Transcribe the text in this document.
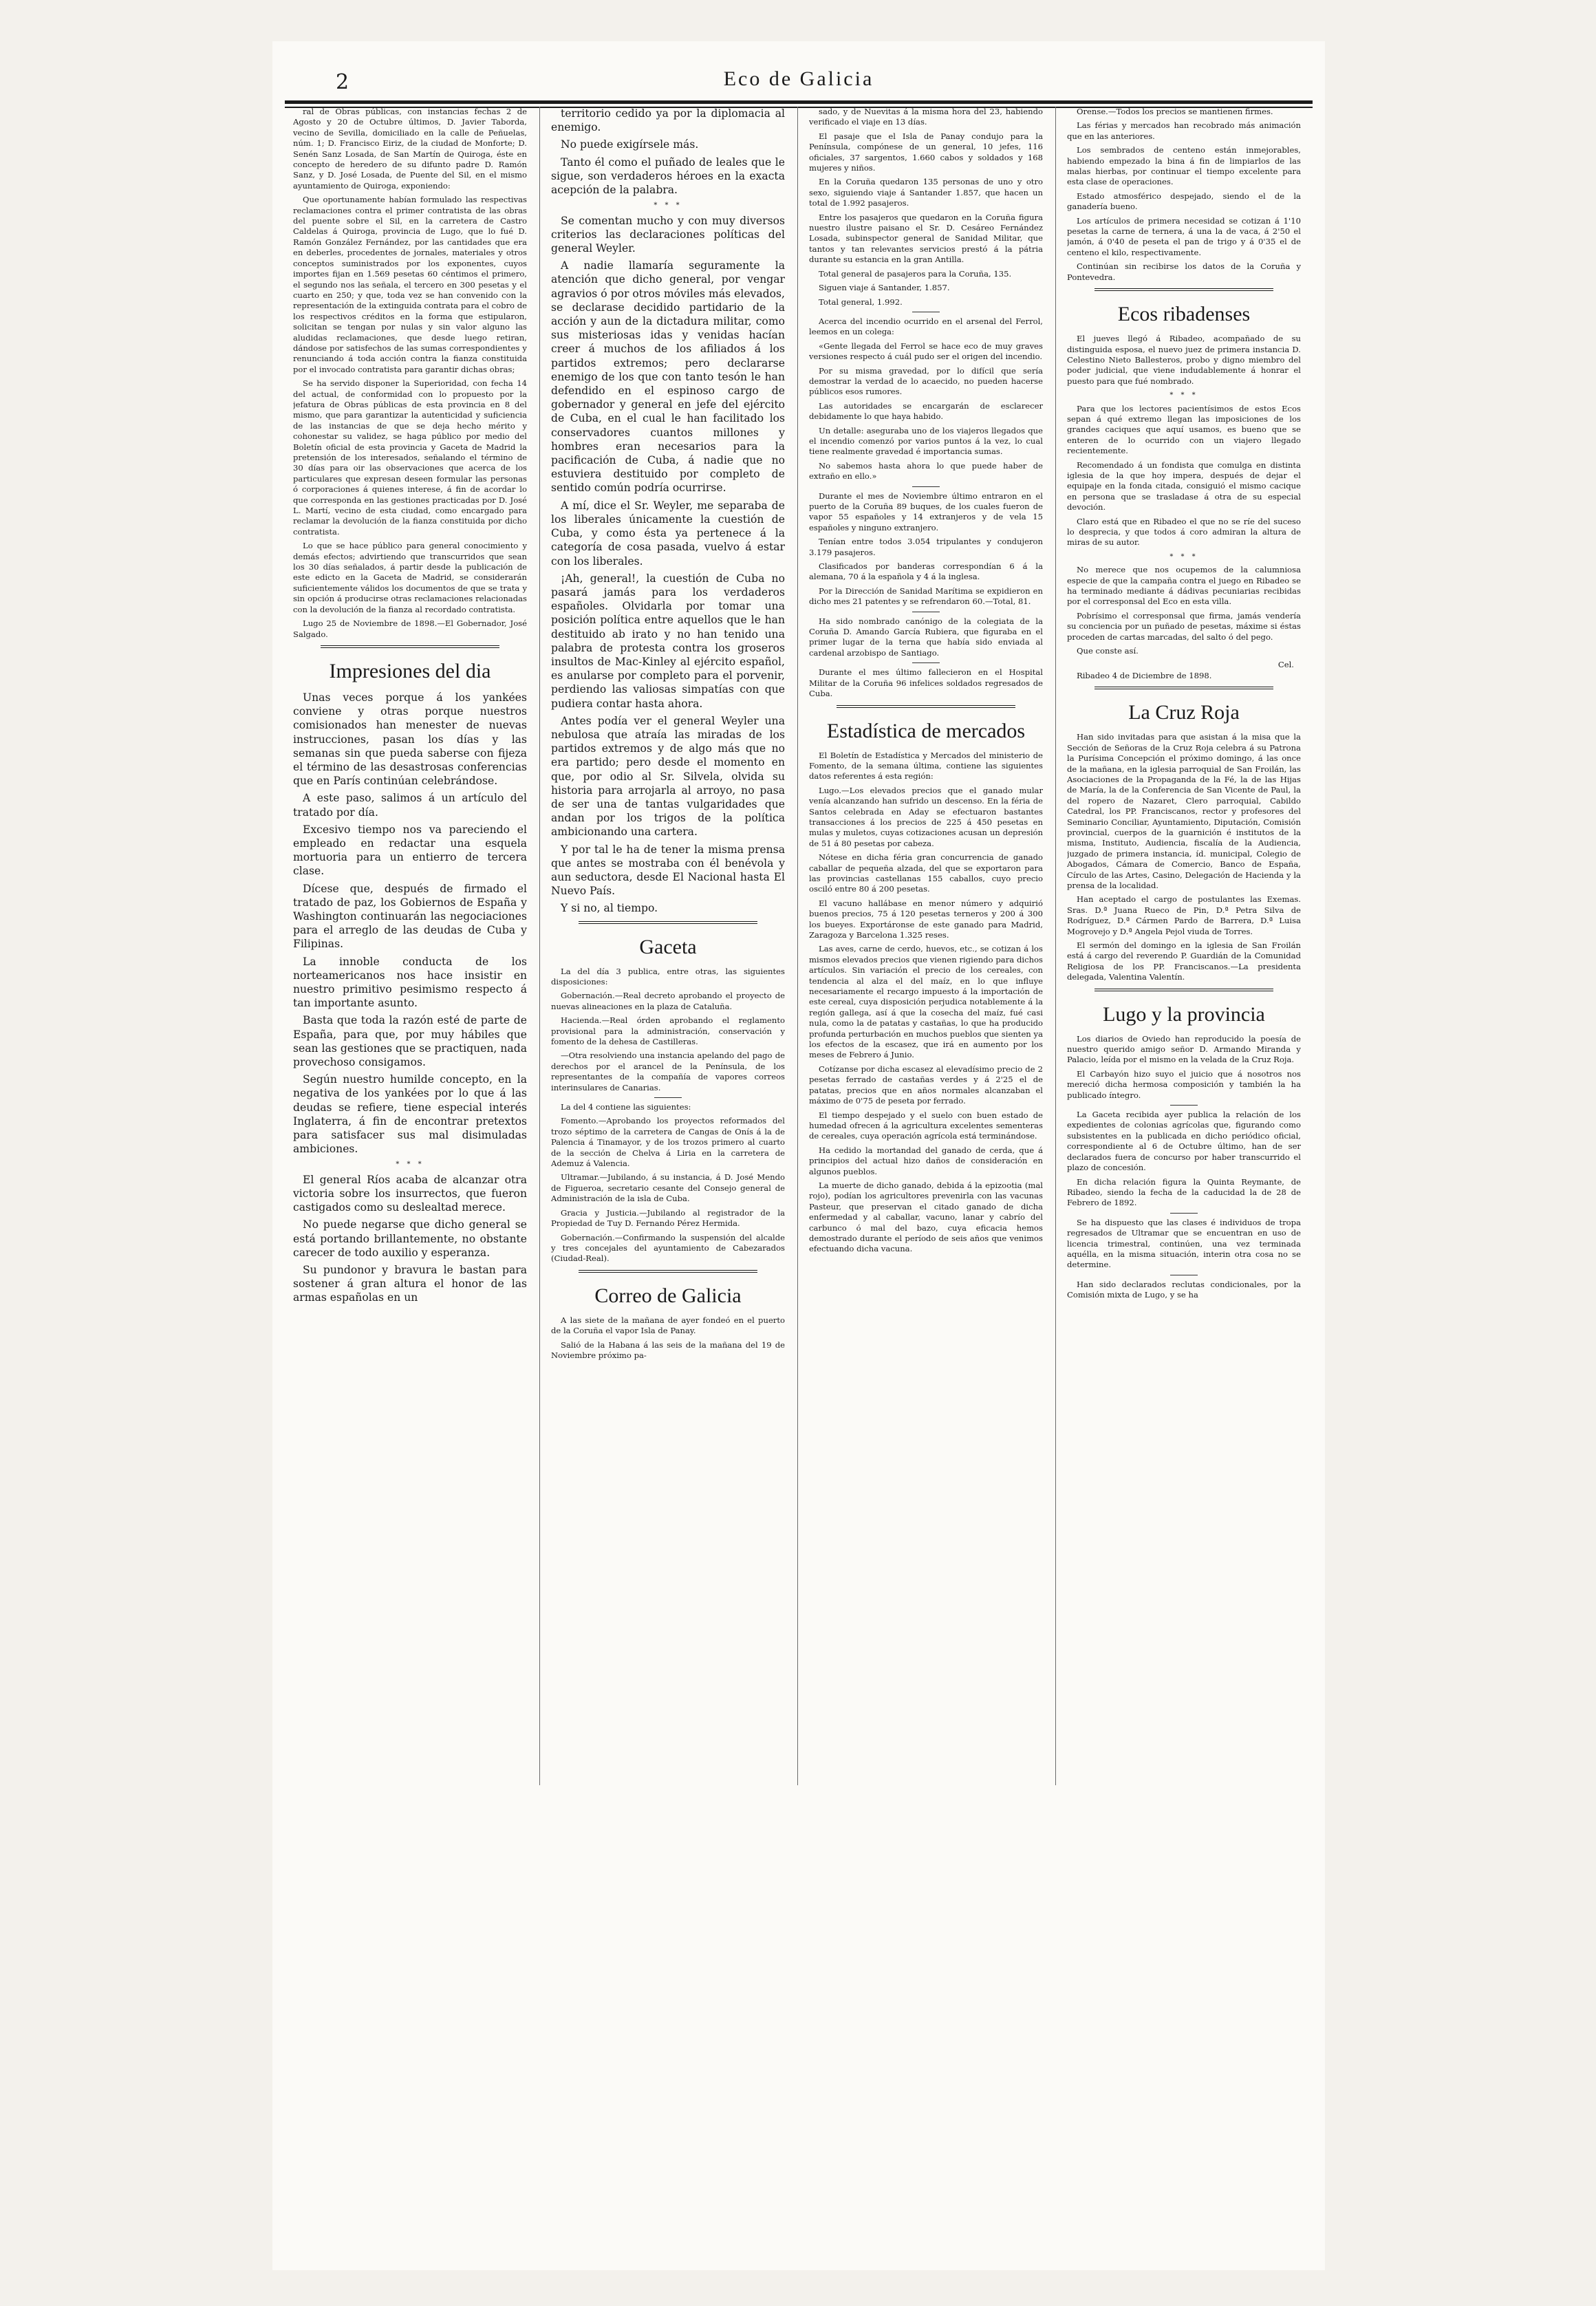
2	Eco de Galicia

ral de Obras públicas, con instancias fechas 2 de Agosto y 20 de Octubre últimos, D. Javier Taborda, vecino de Sevilla, domiciliado en la calle de Peñuelas, núm. 1; D. Francisco Eiriz, de la ciudad de Monforte; D. Senén Sanz Losada, de San Martín de Quiroga, éste en concepto de heredero de su difunto padre D. Ramón Sanz, y D. José Losada, de Puente del Sil, en el mismo ayuntamiento de Quiroga, exponiendo:

Que oportunamente habían formulado las respectivas reclamaciones contra el primer contratista de las obras del puente sobre el Sil, en la carretera de Castro Caldelas á Quiroga, provincia de Lugo, que lo fué D. Ramón González Fernández, por las cantidades que era en deberles, procedentes de jornales, materiales y otros conceptos suministrados por los exponentes, cuyos importes fijan en 1.569 pesetas 60 céntimos el primero, el segundo nos las señala, el tercero en 300 pesetas y el cuarto en 250; y que, toda vez se han convenido con la representación de la extinguida contrata para el cobro de los respectivos créditos en la forma que estipularon, solicitan se tengan por nulas y sin valor alguno las aludidas reclamaciones, que desde luego retiran, dándose por satisfechos de las sumas correspondientes y renunciando á toda acción contra la fianza constituida por el invocado contratista para garantir dichas obras;

Se ha servido disponer la Superioridad, con fecha 14 del actual, de conformidad con lo propuesto por la jefatura de Obras públicas de esta provincia en 8 del mismo, que para garantizar la autenticidad y suficiencia de las instancias de que se deja hecho mérito y cohonestar su validez, se haga público por medio del Boletín oficial de esta provincia y Gaceta de Madrid la pretensión de los interesados, señalando el término de 30 días para oir las observaciones que acerca de los particulares que expresan deseen formular las personas ó corporaciones á quienes interese, á fin de acordar lo que corresponda en las gestiones practicadas por D. José L. Martí, vecino de esta ciudad, como encargado para reclamar la devolución de la fianza constituida por dicho contratista.

Lo que se hace público para general conocimiento y demás efectos; advirtiendo que transcurridos que sean los 30 días señalados, á partir desde la publicación de este edicto en la Gaceta de Madrid, se considerarán suficientemente válidos los documentos de que se trata y sin opción á producirse otras reclamaciones relacionadas con la devolución de la fianza al recordado contratista.

Lugo 25 de Noviembre de 1898.—El Gobernador, José Salgado.

Impresiones del dia

Unas veces porque á los yankées conviene y otras porque nuestros comisionados han menester de nuevas instrucciones, pasan los días y las semanas sin que pueda saberse con fijeza el término de las desastrosas conferencias que en París continúan celebrándose.

A este paso, salimos á un artículo del tratado por día.

Excesivo tiempo nos va pareciendo el empleado en redactar una esquela mortuoria para un entierro de tercera clase.

Dícese que, después de firmado el tratado de paz, los Gobiernos de España y Washington continuarán las negociaciones para el arreglo de las deudas de Cuba y Filipinas.

La innoble conducta de los norteamericanos nos hace insistir en nuestro primitivo pesimismo respecto á tan importante asunto.

Basta que toda la razón esté de parte de España, para que, por muy hábiles que sean las gestiones que se practiquen, nada provechoso consigamos.

Según nuestro humilde concepto, en la negativa de los yankées por lo que á las deudas se refiere, tiene especial interés Inglaterra, á fin de encontrar pretextos para satisfacer sus mal disimuladas ambiciones.

* * *

El general Ríos acaba de alcanzar otra victoria sobre los insurrectos, que fueron castigados como su deslealtad merece.

No puede negarse que dicho general se está portando brillantemente, no obstante carecer de todo auxilio y esperanza.

Su pundonor y bravura le bastan para sostener á gran altura el honor de las armas españolas en un

territorio cedido ya por la diplomacia al enemigo.

No puede exigírsele más.

Tanto él como el puñado de leales que le sigue, son verdaderos héroes en la exacta acepción de la palabra.

* * *

Se comentan mucho y con muy diversos criterios las declaraciones políticas del general Weyler.

A nadie llamaría seguramente la atención que dicho general, por vengar agravios ó por otros móviles más elevados, se declarase decidido partidario de la acción y aun de la dictadura militar, como sus misteriosas idas y venidas hacían creer á muchos de los afiliados á los partidos extremos; pero declararse enemigo de los que con tanto tesón le han defendido en el espinoso cargo de gobernador y general en jefe del ejército de Cuba, en el cual le han facilitado los conservadores cuantos millones y hombres eran necesarios para la pacificación de Cuba, á nadie que no estuviera destituido por completo de sentido común podría ocurrirse.

A mí, dice el Sr. Weyler, me separaba de los liberales únicamente la cuestión de Cuba, y como ésta ya pertenece á la categoría de cosa pasada, vuelvo á estar con los liberales.

¡Ah, general!, la cuestión de Cuba no pasará jamás para los verdaderos españoles. Olvidarla por tomar una posición política entre aquellos que le han destituido ab irato y no han tenido una palabra de protesta contra los groseros insultos de Mac-Kinley al ejército español, es anularse por completo para el porvenir, perdiendo las valiosas simpatías con que pudiera contar hasta ahora.

Antes podía ver el general Weyler una nebulosa que atraía las miradas de los partidos extremos y de algo más que no era partido; pero desde el momento en que, por odio al Sr. Silvela, olvida su historia para arrojarla al arroyo, no pasa de ser una de tantas vulgaridades que andan por los trigos de la política ambicionando una cartera.

Y por tal le ha de tener la misma prensa que antes se mostraba con él benévola y aun seductora, desde El Nacional hasta El Nuevo País.

Y si no, al tiempo.

Gaceta

La del día 3 publica, entre otras, las siguientes disposiciones:

Gobernación.—Real decreto aprobando el proyecto de nuevas alineaciones en la plaza de Cataluña.

Hacienda.—Real órden aprobando el reglamento provisional para la administración, conservación y fomento de la dehesa de Castilleras.

—Otra resolviendo una instancia apelando del pago de derechos por el arancel de la Península, de los representantes de la compañía de vapores correos interinsulares de Canarias.

La del 4 contiene las siguientes:

Fomento.—Aprobando los proyectos reformados del trozo séptimo de la carretera de Cangas de Onís á la de Palencia á Tinamayor, y de los trozos primero al cuarto de la sección de Chelva á Liria en la carretera de Ademuz á Valencia.

Ultramar.—Jubilando, á su instancia, á D. José Mendo de Figueroa, secretario cesante del Consejo general de Administración de la isla de Cuba.

Gracia y Justicia.—Jubilando al registrador de la Propiedad de Tuy D. Fernando Pérez Hermida.

Gobernación.—Confirmando la suspensión del alcalde y tres concejales del ayuntamiento de Cabezarados (Ciudad-Real).

Correo de Galicia

A las siete de la mañana de ayer fondeó en el puerto de la Coruña el vapor Isla de Panay.

Salió de la Habana á las seis de la mañana del 19 de Noviembre próximo pa-

sado, y de Nuevitas á la misma hora del 23, habiendo verificado el viaje en 13 días.

El pasaje que el Isla de Panay condujo para la Península, compónese de un general, 10 jefes, 116 oficiales, 37 sargentos, 1.660 cabos y soldados y 168 mujeres y niños.

En la Coruña quedaron 135 personas de uno y otro sexo, siguiendo viaje á Santander 1.857, que hacen un total de 1.992 pasajeros.

Entre los pasajeros que quedaron en la Coruña figura nuestro ilustre paisano el Sr. D. Cesáreo Fernández Losada, subinspector general de Sanidad Militar, que tantos y tan relevantes servicios prestó á la pátria durante su estancia en la gran Antilla.

Total general de pasajeros para la Coruña, 135.

Siguen viaje á Santander, 1.857.

Total general, 1.992.

Acerca del incendio ocurrido en el arsenal del Ferrol, leemos en un colega:

«Gente llegada del Ferrol se hace eco de muy graves versiones respecto á cuál pudo ser el origen del incendio.

Por su misma gravedad, por lo difícil que sería demostrar la verdad de lo acaecido, no pueden hacerse públicos esos rumores.

Las autoridades se encargarán de esclarecer debidamente lo que haya habido.

Un detalle: aseguraba uno de los viajeros llegados que el incendio comenzó por varios puntos á la vez, lo cual tiene realmente gravedad é importancia sumas.

No sabemos hasta ahora lo que puede haber de extraño en ello.»

Durante el mes de Noviembre último entraron en el puerto de la Coruña 89 buques, de los cuales fueron de vapor 55 españoles y 14 extranjeros y de vela 15 españoles y ninguno extranjero.

Tenían entre todos 3.054 tripulantes y condujeron 3.179 pasajeros.

Clasificados por banderas correspondían 6 á la alemana, 70 á la española y 4 á la inglesa.

Por la Dirección de Sanidad Marítima se expidieron en dicho mes 21 patentes y se refrendaron 60.—Total, 81.

Ha sido nombrado canónigo de la colegiata de la Coruña D. Amando García Rubiera, que figuraba en el primer lugar de la terna que había sido enviada al cardenal arzobispo de Santiago.

Durante el mes último fallecieron en el Hospital Militar de la Coruña 96 infelices soldados regresados de Cuba.

Estadística de mercados

El Boletín de Estadística y Mercados del ministerio de Fomento, de la semana última, contiene las siguientes datos referentes á esta región:

Lugo.—Los elevados precios que el ganado mular venía alcanzando han sufrido un descenso. En la féria de Santos celebrada en Aday se efectuaron bastantes transacciones á los precios de 225 á 450 pesetas en mulas y muletos, cuyas cotizaciones acusan un depresión de 51 á 80 pesetas por cabeza.

Nótese en dicha féria gran concurrencia de ganado caballar de pequeña alzada, del que se exportaron para las provincias castellanas 155 caballos, cuyo precio osciló entre 80 á 200 pesetas.

El vacuno hallábase en menor número y adquirió buenos precios, 75 á 120 pesetas terneros y 200 á 300 los bueyes. Exportáronse de este ganado para Madrid, Zaragoza y Barcelona 1.325 reses.

Las aves, carne de cerdo, huevos, etc., se cotizan á los mismos elevados precios que vienen rigiendo para dichos artículos. Sin variación el precio de los cereales, con tendencia al alza el del maíz, en lo que influye necesariamente el recargo impuesto á la importación de este cereal, cuya disposición perjudica notablemente á la región gallega, así á que la cosecha del maíz, fué casi nula, como la de patatas y castañas, lo que ha producido profunda perturbación en muchos pueblos que sienten ya los efectos de la escasez, que irá en aumento por los meses de Febrero á Junio.

Cotízanse por dicha escasez al elevadísimo precio de 2 pesetas ferrado de castañas verdes y á 2'25 el de patatas, precios que en años normales alcanzaban el máximo de 0'75 de peseta por ferrado.

El tiempo despejado y el suelo con buen estado de humedad ofrecen á la agricultura excelentes sementeras de cereales, cuya operación agrícola está terminándose.

Ha cedido la mortandad del ganado de cerda, que á principios del actual hizo daños de consideración en algunos pueblos.

La muerte de dicho ganado, debida á la epizootia (mal rojo), podían los agricultores prevenirla con las vacunas Pasteur, que preservan el citado ganado de dicha enfermedad y al caballar, vacuno, lanar y cabrío del carbunco ó mal del bazo, cuya eficacia hemos demostrado durante el período de seis años que venimos efectuando dicha vacuna.

Orense.—Todos los precios se mantienen firmes.

Las férias y mercados han recobrado más animación que en las anteriores.

Los sembrados de centeno están inmejorables, habiendo empezado la bina á fin de limpiarlos de las malas hierbas, por continuar el tiempo excelente para esta clase de operaciones.

Estado atmosférico despejado, siendo el de la ganadería bueno.

Los artículos de primera necesidad se cotizan á 1'10 pesetas la carne de ternera, á una la de vaca, á 2'50 el jamón, á 0'40 de peseta el pan de trigo y á 0'35 el de centeno el kilo, respectivamente.

Continúan sin recibirse los datos de la Coruña y Pontevedra.

Ecos ribadenses

El jueves llegó á Ribadeo, acompañado de su distinguida esposa, el nuevo juez de primera instancia D. Celestino Nieto Ballesteros, probo y digno miembro del poder judicial, que viene indudablemente á honrar el puesto para que fué nombrado.

* * *

Para que los lectores pacientísimos de estos Ecos sepan á qué extremo llegan las imposiciones de los grandes caciques que aquí usamos, es bueno que se enteren de lo ocurrido con un viajero llegado recientemente.

Recomendado á un fondista que comulga en distinta iglesia de la que hoy impera, después de dejar el equipaje en la fonda citada, consiguió el mismo cacique en persona que se trasladase á otra de su especial devoción.

Claro está que en Ribadeo el que no se ríe del suceso lo desprecia, y que todos á coro admiran la altura de miras de su autor.

* * *

No merece que nos ocupemos de la calumniosa especie de que la campaña contra el juego en Ribadeo se ha terminado mediante á dádivas pecuniarias recibidas por el corresponsal del Eco en esta villa.

Pobrísimo el corresponsal que firma, jamás vendería su conciencia por un puñado de pesetas, máxime si éstas proceden de cartas marcadas, del salto ó del pego.

Que conste así.

Cel.

Ribadeo 4 de Diciembre de 1898.

La Cruz Roja

Han sido invitadas para que asistan á la misa que la Sección de Señoras de la Cruz Roja celebra á su Patrona la Purísima Concepción el próximo domingo, á las once de la mañana, en la iglesia parroquial de San Froilán, las Asociaciones de la Propaganda de la Fé, la de las Hijas de María, la de la Conferencia de San Vicente de Paul, la del ropero de Nazaret, Clero parroquial, Cabildo Catedral, los PP. Franciscanos, rector y profesores del Seminario Conciliar, Ayuntamiento, Diputación, Comisión provincial, cuerpos de la guarnición é institutos de la misma, Instituto, Audiencia, fiscalía de la Audiencia, juzgado de primera instancia, íd. municipal, Colegio de Abogados, Cámara de Comercio, Banco de España, Círculo de las Artes, Casino, Delegación de Hacienda y la prensa de la localidad.

Han aceptado el cargo de postulantes las Exemas. Sras. D.ª Juana Rueco de Pin, D.ª Petra Silva de Rodríguez, D.ª Cármen Pardo de Barrera, D.ª Luisa Mogrovejo y D.ª Angela Pejol viuda de Torres.

El sermón del domingo en la iglesia de San Froilán está á cargo del reverendo P. Guardián de la Comunidad Religiosa de los PP. Franciscanos.—La presidenta delegada, Valentina Valentín.

Lugo y la provincia

Los diarios de Oviedo han reproducido la poesía de nuestro querido amigo señor D. Armando Miranda y Palacio, leída por el mismo en la velada de la Cruz Roja.

El Carbayón hizo suyo el juicio que á nosotros nos mereció dicha hermosa composición y también la ha publicado íntegro.

La Gaceta recibida ayer publica la relación de los expedientes de colonias agrícolas que, figurando como subsistentes en la publicada en dicho periódico oficial, correspondiente al 6 de Octubre último, han de ser declarados fuera de concurso por haber transcurrido el plazo de concesión.

En dicha relación figura la Quinta Reymante, de Ribadeo, siendo la fecha de la caducidad la de 28 de Febrero de 1892.

Se ha dispuesto que las clases é individuos de tropa regresados de Ultramar que se encuentran en uso de licencia trimestral, continúen, una vez terminada aquélla, en la misma situación, interin otra cosa no se determine.

Han sido declarados reclutas condicionales, por la Comisión mixta de Lugo, y se ha
